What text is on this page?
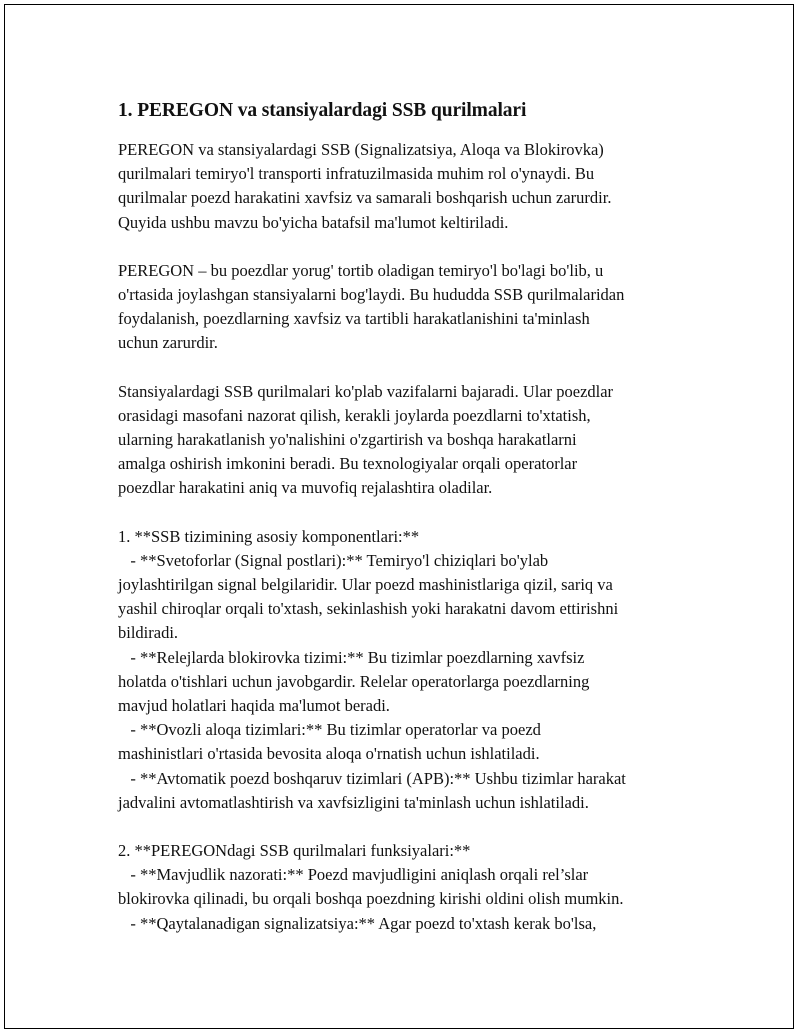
1. PEREGON va stansiyalardagi SSB qurilmalari

PEREGON va stansiyalardagi SSB (Signalizatsiya, Aloqa va Blokirovka)
qurilmalari temiryo'l transporti infratuzilmasida muhim rol o'ynaydi. Bu
qurilmalar poezd harakatini xavfsiz va samarali boshqarish uchun zarurdir.
Quyida ushbu mavzu bo'yicha batafsil ma'lumot keltiriladi.

PEREGON – bu poezdlar yorug' tortib oladigan temiryo'l bo'lagi bo'lib, u
o'rtasida joylashgan stansiyalarni bog'laydi. Bu hududda SSB qurilmalaridan
foydalanish, poezdlarning xavfsiz va tartibli harakatlanishini ta'minlash
uchun zarurdir.

Stansiyalardagi SSB qurilmalari ko'plab vazifalarni bajaradi. Ular poezdlar
orasidagi masofani nazorat qilish, kerakli joylarda poezdlarni to'xtatish,
ularning harakatlanish yo'nalishini o'zgartirish va boshqa harakatlarni
amalga oshirish imkonini beradi. Bu texnologiyalar orqali operatorlar
poezdlar harakatini aniq va muvofiq rejalashtira oladilar.

1. **SSB tizimining asosiy komponentlari:**
- **Svetoforlar (Signal postlari):** Temiryo'l chiziqlari bo'ylab
joylashtirilgan signal belgilaridir. Ular poezd mashinistlariga qizil, sariq va
yashil chiroqlar orqali to'xtash, sekinlashish yoki harakatni davom ettirishni
bildiradi.
- **Relejlarda blokirovka tizimi:** Bu tizimlar poezdlarning xavfsiz
holatda o'tishlari uchun javobgardir. Relelar operatorlarga poezdlarning
mavjud holatlari haqida ma'lumot beradi.
- **Ovozli aloqa tizimlari:** Bu tizimlar operatorlar va poezd
mashinistlari o'rtasida bevosita aloqa o'rnatish uchun ishlatiladi.
- **Avtomatik poezd boshqaruv tizimlari (APB):** Ushbu tizimlar harakat
jadvalini avtomatlashtirish va xavfsizligini ta'minlash uchun ishlatiladi.

2. **PEREGONdagi SSB qurilmalari funksiyalari:**
- **Mavjudlik nazorati:** Poezd mavjudligini aniqlash orqali rel’slar
blokirovka qilinadi, bu orqali boshqa poezdning kirishi oldini olish mumkin.
- **Qaytalanadigan signalizatsiya:** Agar poezd to'xtash kerak bo'lsa,
